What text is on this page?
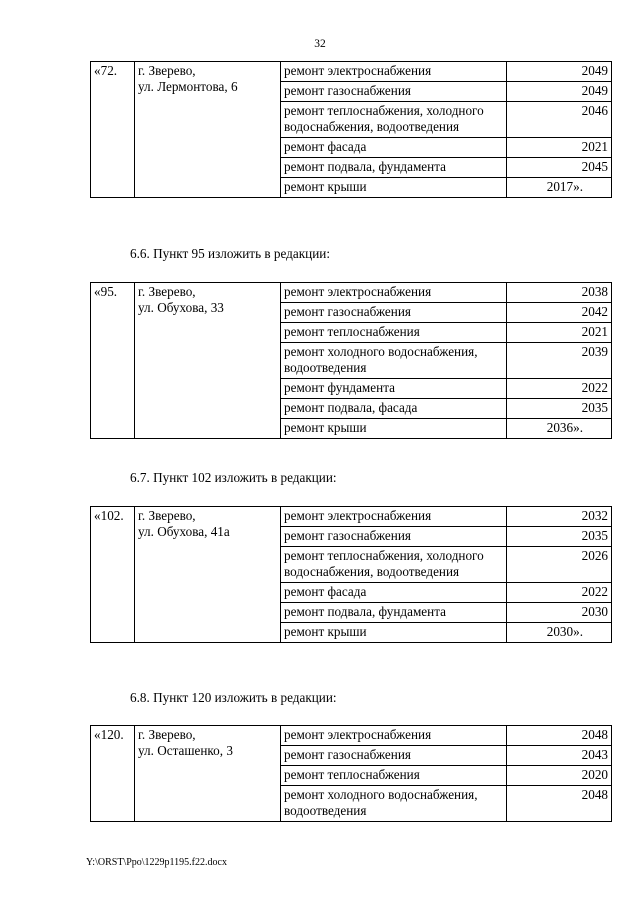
32
«72.	г. Зверево,
ул. Лермонтова, 6	ремонт электроснабжения	2049
		ремонт газоснабжения	2049
		ремонт теплоснабжения, холодного водоснабжения, водоотведения	2046
		ремонт фасада	2021
		ремонт подвала, фундамента	2045
		ремонт крыши	2017».
6.6. Пункт 95 изложить в редакции:
«95.	г. Зверево,
ул. Обухова, 33	ремонт электроснабжения	2038
		ремонт газоснабжения	2042
		ремонт теплоснабжения	2021
		ремонт холодного водоснабжения, водоотведения	2039
		ремонт фундамента	2022
		ремонт подвала, фасада	2035
		ремонт крыши	2036».
6.7. Пункт 102 изложить в редакции:
«102.	г. Зверево,
ул. Обухова, 41а	ремонт электроснабжения	2032
		ремонт газоснабжения	2035
		ремонт теплоснабжения, холодного водоснабжения, водоотведения	2026
		ремонт фасада	2022
		ремонт подвала, фундамента	2030
		ремонт крыши	2030».
6.8. Пункт 120 изложить в редакции:
«120.	г. Зверево,
ул. Осташенко, 3	ремонт электроснабжения	2048
		ремонт газоснабжения	2043
		ремонт теплоснабжения	2020
		ремонт холодного водоснабжения, водоотведения	2048
Y:\ORST\Ppo\1229p1195.f22.docx
